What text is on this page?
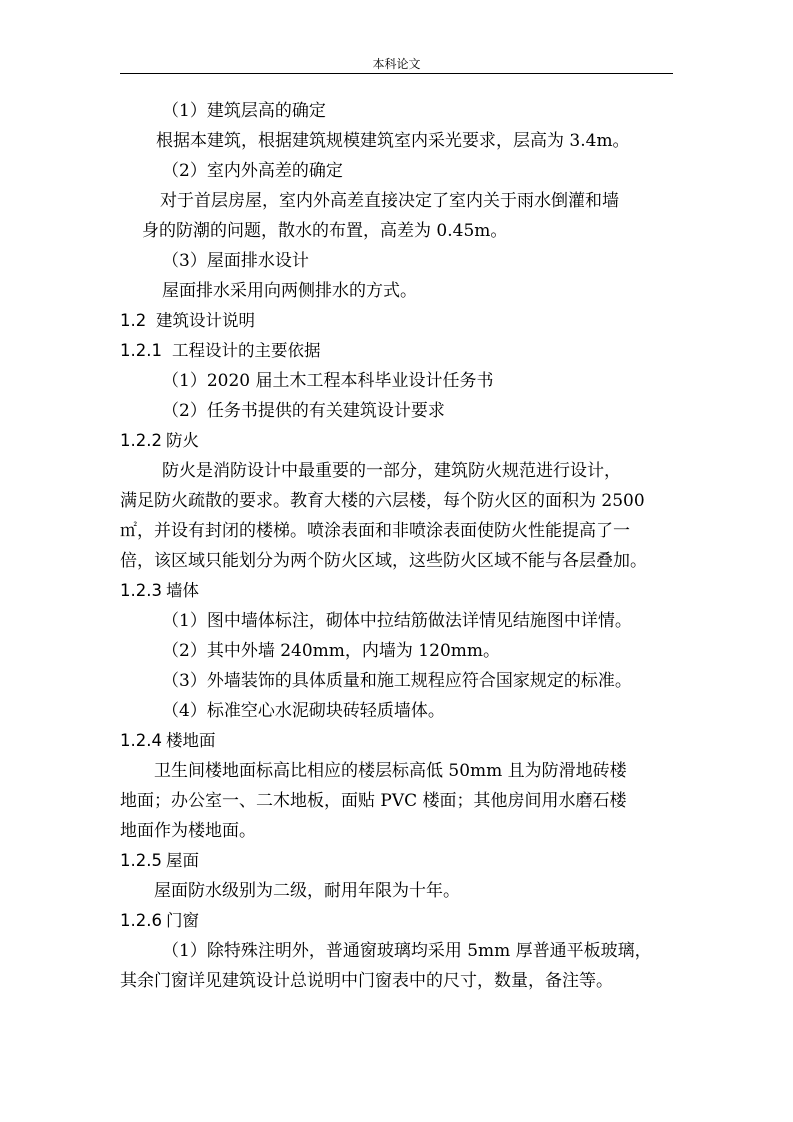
本科论文
（1）建筑层高的确定
根据本建筑，根据建筑规模建筑室内采光要求，层高为 3.4m。
（2）室内外高差的确定
对于首层房屋，室内外高差直接决定了室内关于雨水倒灌和墙
身的防潮的问题，散水的布置，高差为 0.45m。
（3）屋面排水设计
屋面排水采用向两侧排水的方式。
1.2 建筑设计说明
1.2.1 工程设计的主要依据
（1）2020 届土木工程本科毕业设计任务书
（2）任务书提供的有关建筑设计要求
1.2.2 防火
防火是消防设计中最重要的一部分，建筑防火规范进行设计，
满足防火疏散的要求。教育大楼的六层楼，每个防火区的面积为 2500
㎡，并设有封闭的楼梯。喷涂表面和非喷涂表面使防火性能提高了一
倍，该区域只能划分为两个防火区域，这些防火区域不能与各层叠加。
1.2.3 墙体
（1）图中墙体标注，砌体中拉结筋做法详情见结施图中详情。
（2）其中外墙 240mm，内墙为 120mm。
（3）外墙装饰的具体质量和施工规程应符合国家规定的标准。
（4）标准空心水泥砌块砖轻质墙体。
1.2.4 楼地面
卫生间楼地面标高比相应的楼层标高低 50mm 且为防滑地砖楼
地面；办公室一、二木地板，面贴 PVC 楼面；其他房间用水磨石楼
地面作为楼地面。
1.2.5 屋面
屋面防水级别为二级，耐用年限为十年。
1.2.6 门窗
（1）除特殊注明外，普通窗玻璃均采用 5mm 厚普通平板玻璃，
其余门窗详见建筑设计总说明中门窗表中的尺寸，数量，备注等。
